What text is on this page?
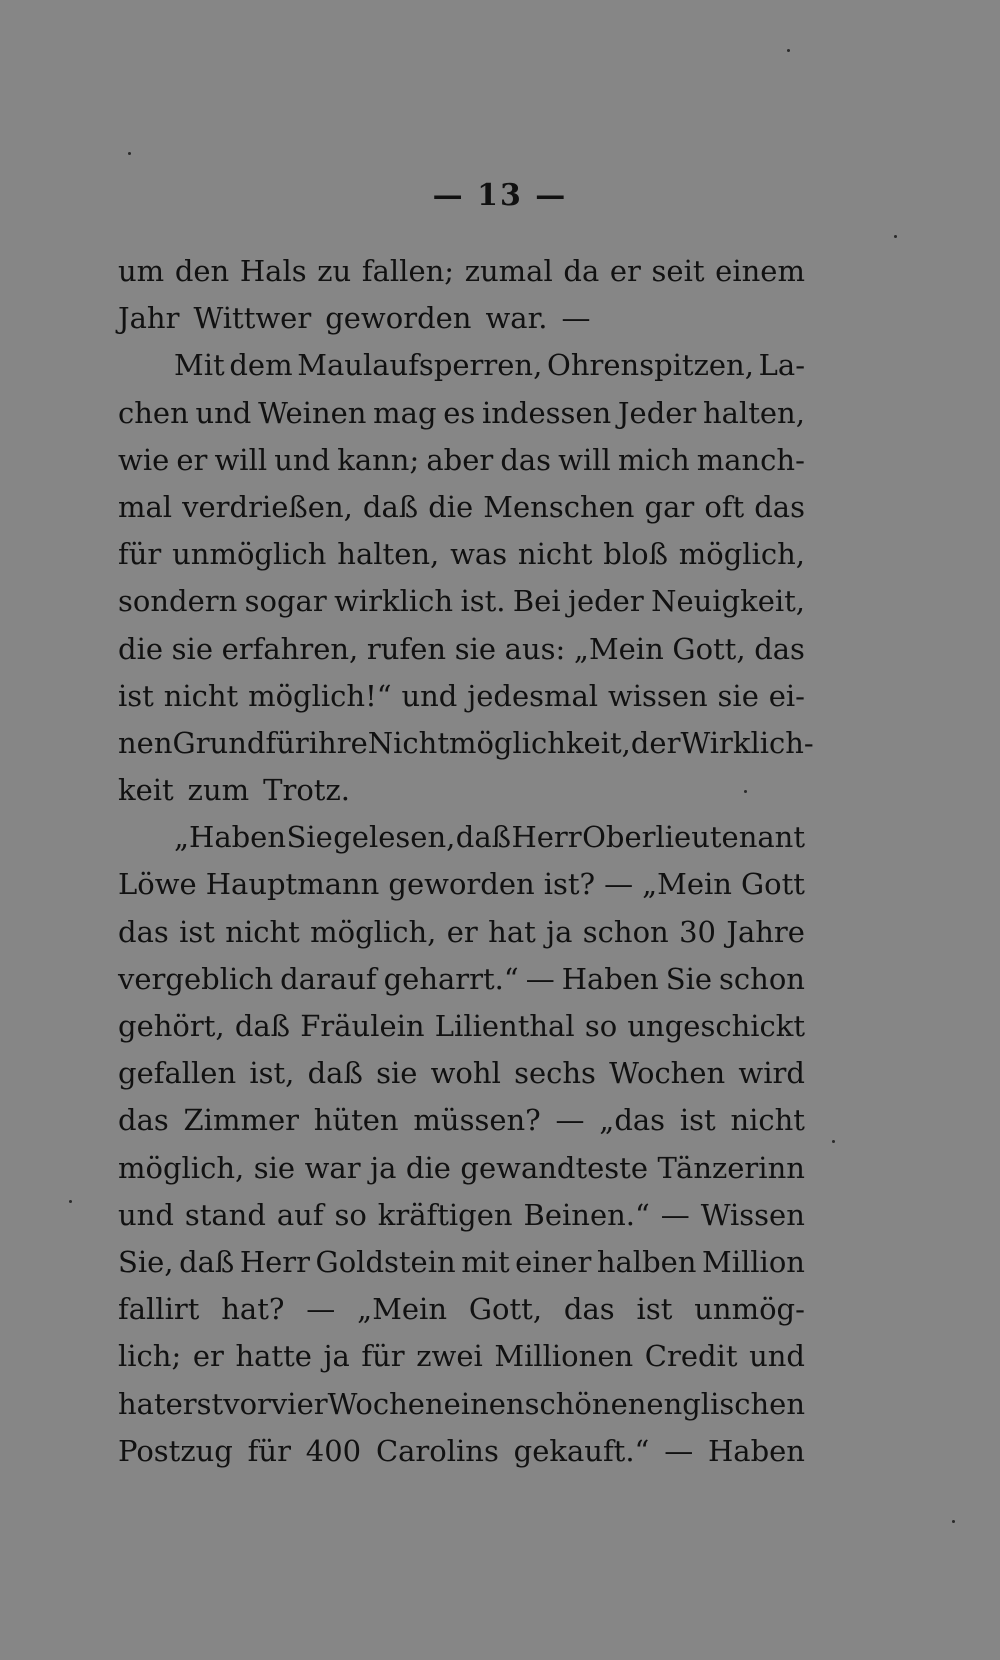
— 13 —
um den Hals zu fallen; zumal da er seit einem
Jahr Wittwer geworden war. —
Mit dem Maulaufsperren, Ohrenspitzen, La-
chen und Weinen mag es indessen Jeder halten,
wie er will und kann; aber das will mich manch-
mal verdrießen, daß die Menschen gar oft das
für unmöglich halten, was nicht bloß möglich,
sondern sogar wirklich ist. Bei jeder Neuigkeit,
die sie erfahren, rufen sie aus: „Mein Gott, das
ist nicht möglich!“ und jedesmal wissen sie ei-
nen Grund für ihre Nichtmöglichkeit, der Wirklich-
keit zum Trotz.
„Haben Sie gelesen, daß Herr Oberlieutenant
Löwe Hauptmann geworden ist? — „Mein Gott
das ist nicht möglich, er hat ja schon 30 Jahre
vergeblich darauf geharrt.“ — Haben Sie schon
gehört, daß Fräulein Lilienthal so ungeschickt
gefallen ist, daß sie wohl sechs Wochen wird
das Zimmer hüten müssen? — „das ist nicht
möglich, sie war ja die gewandteste Tänzerinn
und stand auf so kräftigen Beinen.“ — Wissen
Sie, daß Herr Goldstein mit einer halben Million
fallirt hat? — „Mein Gott, das ist unmög-
lich; er hatte ja für zwei Millionen Credit und
hat erst vor vier Wochen einen schönen englischen
Postzug für 400 Carolins gekauft.“ — Haben
